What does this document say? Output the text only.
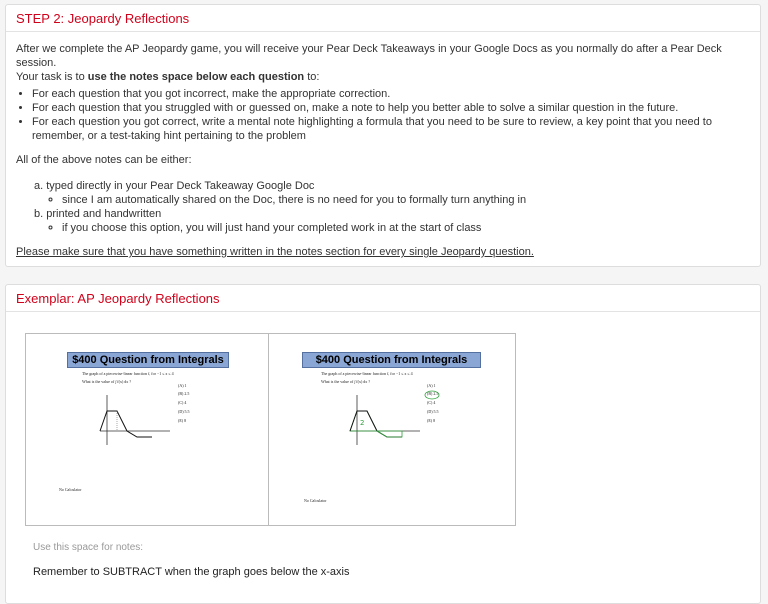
STEP 2: Jeopardy Reflections

After we complete the AP Jeopardy game, you will receive your Pear Deck Takeaways in your Google Docs as you normally do after a Pear Deck session.

Your task is to use the notes space below each question to:

• For each question that you got incorrect, make the appropriate correction.
• For each question that you struggled with or guessed on, make a note to help you better able to solve a similar question in the future.
• For each question you got correct, write a mental note highlighting a formula that you need to be sure to review, a key point that you need to remember, or a test-taking hint pertaining to the problem

All of the above notes can be either:

a. typed directly in your Pear Deck Takeaway Google Doc
◦ since I am automatically shared on the Doc, there is no need for you to formally turn anything in
b. printed and handwritten
◦ if you choose this option, you will just hand your completed work in at the start of class

Please make sure that you have something written in the notes section for every single Jeopardy question.

Exemplar: AP Jeopardy Reflections
$400 Question from Integrals
The graph of a piecewise-linear function f, for −1 ≤ x ≤ 4
What is the value of ∫ f(x) dx ?
(A) 1
(B) 2.5
(C) 4
(D) 5.5
(E) 8
No Calculator
$400 Question from Integrals
The graph of a piecewise-linear function f, for −1 ≤ x ≤ 4
What is the value of ∫ f(x) dx ?
(A) 1
(B) 2.5
(C) 4
(D) 5.5
(E) 8
2
No Calculator
Use this space for notes:
Remember to SUBTRACT when the graph goes below the x-axis
